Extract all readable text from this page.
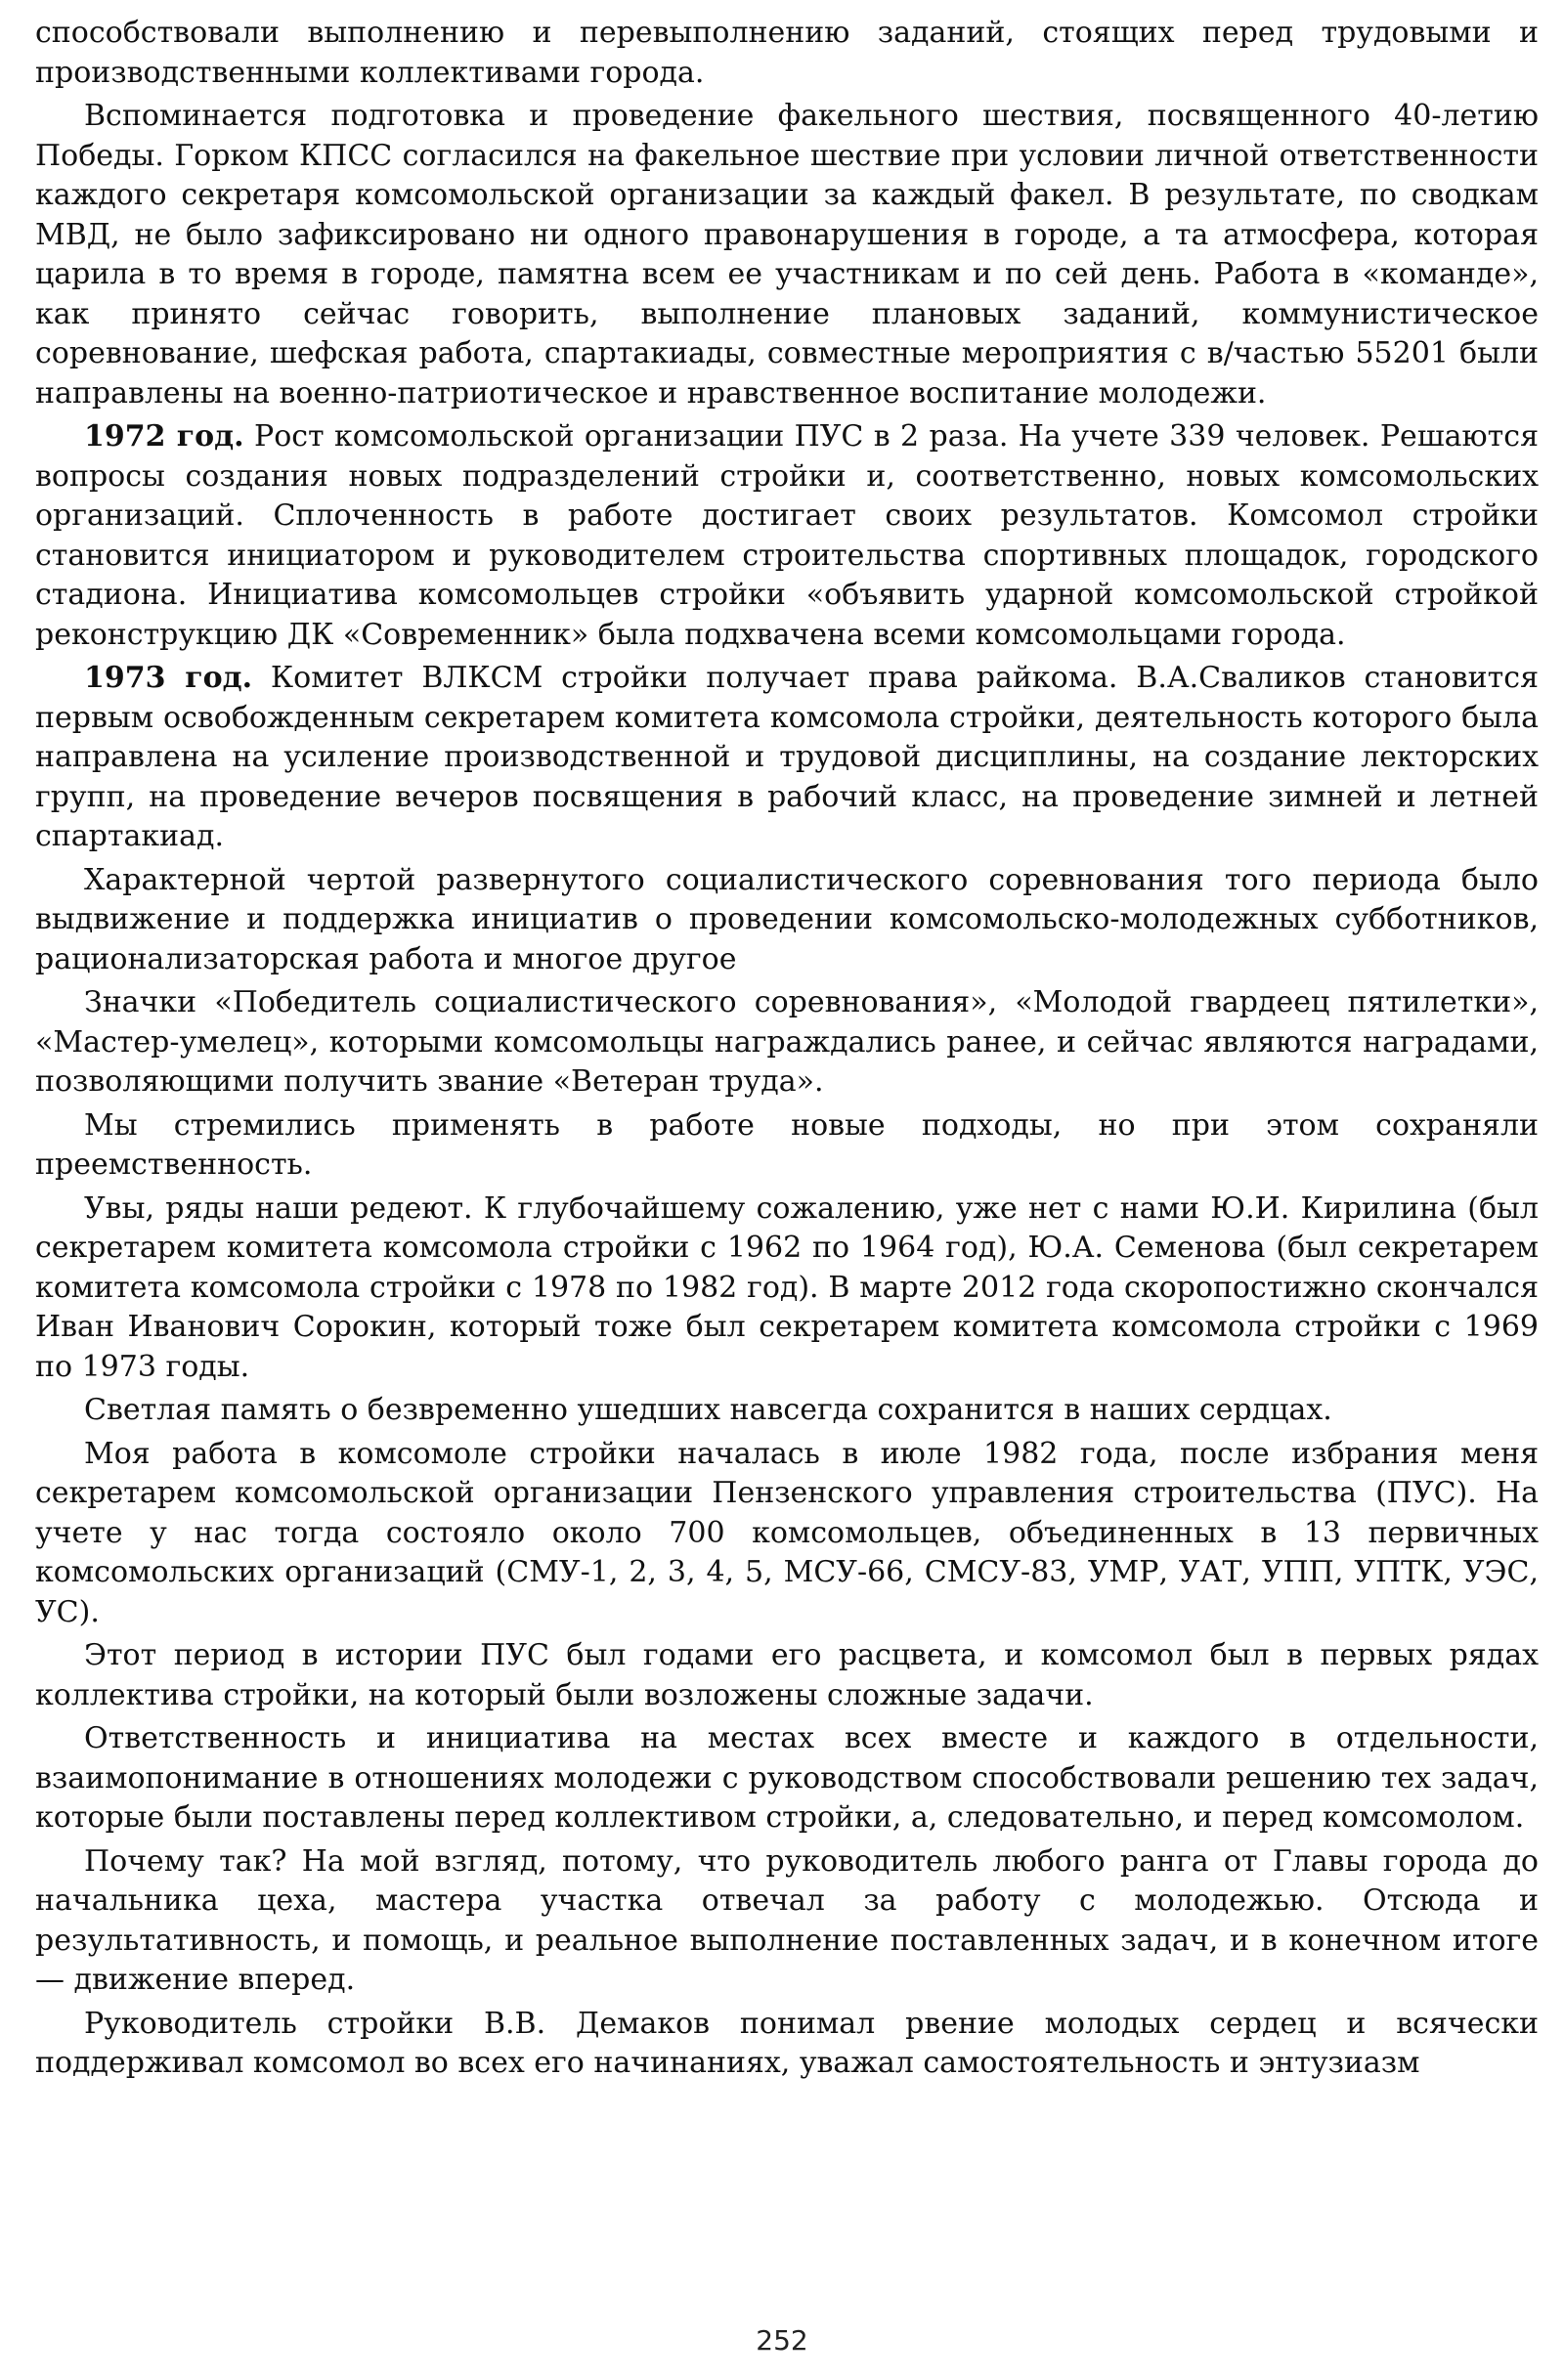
способствовали выполнению и перевыполнению заданий, стоящих перед трудовыми и производственными коллективами города.

Вспоминается подготовка и проведение факельного шествия, посвященного 40-летию Победы. Горком КПСС согласился на факельное шествие при условии личной ответственности каждого секретаря комсомольской организации за каждый факел. В результате, по сводкам МВД, не было зафиксировано ни одного правонарушения в городе, а та атмосфера, которая царила в то время в городе, памятна всем ее участникам и по сей день. Работа в «команде», как принято сейчас говорить, выполнение плановых заданий, коммунистическое соревнование, шефская работа, спартакиады, совместные мероприятия с в/частью 55201 были направлены на военно-патриотическое и нравственное воспитание молодежи.

1972 год. Рост комсомольской организации ПУС в 2 раза. На учете 339 человек. Решаются вопросы создания новых подразделений стройки и, соответственно, новых комсомольских организаций. Сплоченность в работе достигает своих результатов. Комсомол стройки становится инициатором и руководителем строительства спортивных площадок, городского стадиона. Инициатива комсомольцев стройки «объявить ударной комсомольской стройкой реконструкцию ДК «Современник» была подхвачена всеми комсомольцами города.

1973 год. Комитет ВЛКСМ стройки получает права райкома. В.А.Сваликов становится первым освобожденным секретарем комитета комсомола стройки, деятельность которого была направлена на усиление производственной и трудовой дисциплины, на создание лекторских групп, на проведение вечеров посвящения в рабочий класс, на проведение зимней и летней спартакиад.

Характерной чертой развернутого социалистического соревнования того периода было выдвижение и поддержка инициатив о проведении комсомольско-молодежных субботников, рационализаторская работа и многое другое

Значки «Победитель социалистического соревнования», «Молодой гвардеец пятилетки», «Мастер-умелец», которыми комсомольцы награждались ранее, и сейчас являются наградами, позволяющими получить звание «Ветеран труда».

Мы стремились применять в работе новые подходы, но при этом сохраняли преемственность.

Увы, ряды наши редеют. К глубочайшему сожалению, уже нет с нами Ю.И. Кирилина (был секретарем комитета комсомола стройки с 1962 по 1964 год), Ю.А. Семенова (был секретарем комитета комсомола стройки с 1978 по 1982 год). В марте 2012 года скоропостижно скончался Иван Иванович Сорокин, который тоже был секретарем комитета комсомола стройки с 1969 по 1973 годы.

Светлая память о безвременно ушедших навсегда сохранится в наших сердцах.

Моя работа в комсомоле стройки началась в июле 1982 года, после избрания меня секретарем комсомольской организации Пензенского управления строительства (ПУС). На учете у нас тогда состояло около 700 комсомольцев, объединенных в 13 первичных комсомольских организаций (СМУ-1, 2, 3, 4, 5, МСУ-66, СМСУ-83, УМР, УАТ, УПП, УПТК, УЭС, УС).

Этот период в истории ПУС был годами его расцвета, и комсомол был в первых рядах коллектива стройки, на который были возложены сложные задачи.

Ответственность и инициатива на местах всех вместе и каждого в отдельности, взаимопонимание в отношениях молодежи с руководством способствовали решению тех задач, которые были поставлены перед коллективом стройки, а, следовательно, и перед комсомолом.

Почему так? На мой взгляд, потому, что руководитель любого ранга от Главы города до начальника цеха, мастера участка отвечал за работу с молодежью. Отсюда и результативность, и помощь, и реальное выполнение поставленных задач, и в конечном итоге — движение вперед.

Руководитель стройки В.В. Демаков понимал рвение молодых сердец и всячески поддерживал комсомол во всех его начинаниях, уважал самостоятельность и энтузиазм

252
